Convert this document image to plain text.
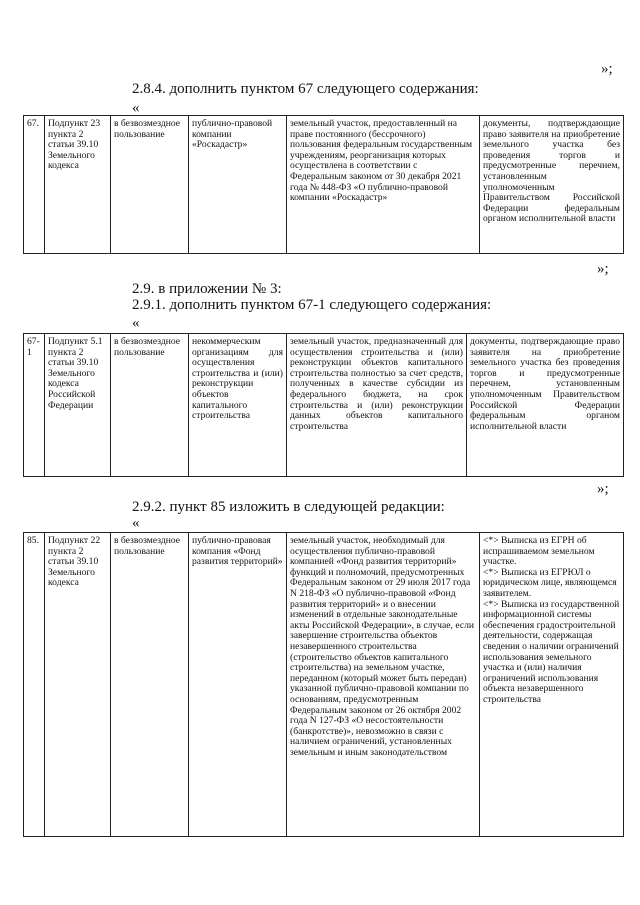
»;
2.8.4. дополнить пунктом 67 следующего содержания:
«
67.	Подпункт 23 пункта 2 статьи 39.10 Земельного кодекса	в безвозмездное пользование	публично-правовой компании «Роскадастр»	земельный участок, предоставленный на праве постоянного (бессрочного) пользования федеральным государственным учреждениям, реорганизация которых осуществлена в соответствии с Федеральным законом от 30 декабря 2021 года № 448-ФЗ «О публично-правовой компании «Роскадастр»	документы, подтверждающие право заявителя на приобретение земельного участка без проведения торгов и предусмотренные перечнем, установленным уполномоченным Правительством Российской Федерации федеральным органом исполнительной власти
»;
2.9. в приложении № 3:
2.9.1. дополнить пунктом 67-1 следующего содержания:
«
67-1	Подпункт 5.1 пункта 2 статьи 39.10 Земельного кодекса Российской Федерации	в безвозмездное пользование	некоммерческим организациям для осуществления строительства и (или) реконструкции объектов капитального строительства	земельный участок, предназначенный для осуществления строительства и (или) реконструкции объектов капитального строительства полностью за счет средств, полученных в качестве субсидии из федерального бюджета, на срок строительства и (или) реконструкции данных объектов капитального строительства	документы, подтверждающие право заявителя на приобретение земельного участка без проведения торгов и предусмотренные перечнем, установленным уполномоченным Правительством Российской Федерации федеральным органом исполнительной власти
»;
2.9.2. пункт 85 изложить в следующей редакции:
«
85.	Подпункт 22 пункта 2 статьи 39.10 Земельного кодекса	в безвозмездное пользование	публично-правовая компания «Фонд развития территорий»	земельный участок, необходимый для осуществления публично-правовой компанией «Фонд развития территорий» функций и полномочий, предусмотренных Федеральным законом от 29 июля 2017 года N 218-ФЗ «О публично-правовой «Фонд развития территорий» и о внесении изменений в отдельные законодательные акты Российской Федерации», в случае, если завершение строительства объектов незавершенного строительства (строительство объектов капитального строительства) на земельном участке, переданном (который может быть передан) указанной публично-правовой компании по основаниям, предусмотренным Федеральным законом от 26 октября 2002 года N 127-ФЗ «О несостоятельности (банкротстве)», невозможно в связи с наличием ограничений, установленных земельным и иным законодательством	<*> Выписка из ЕГРН об испрашиваемом земельном участке.
<*> Выписка из ЕГРЮЛ о юридическом лице, являющемся заявителем.
<*> Выписка из государственной информационной системы обеспечения градостроительной деятельности, содержащая сведения о наличии ограничений использования земельного участка и (или) наличия ограничений использования объекта незавершенного строительства
